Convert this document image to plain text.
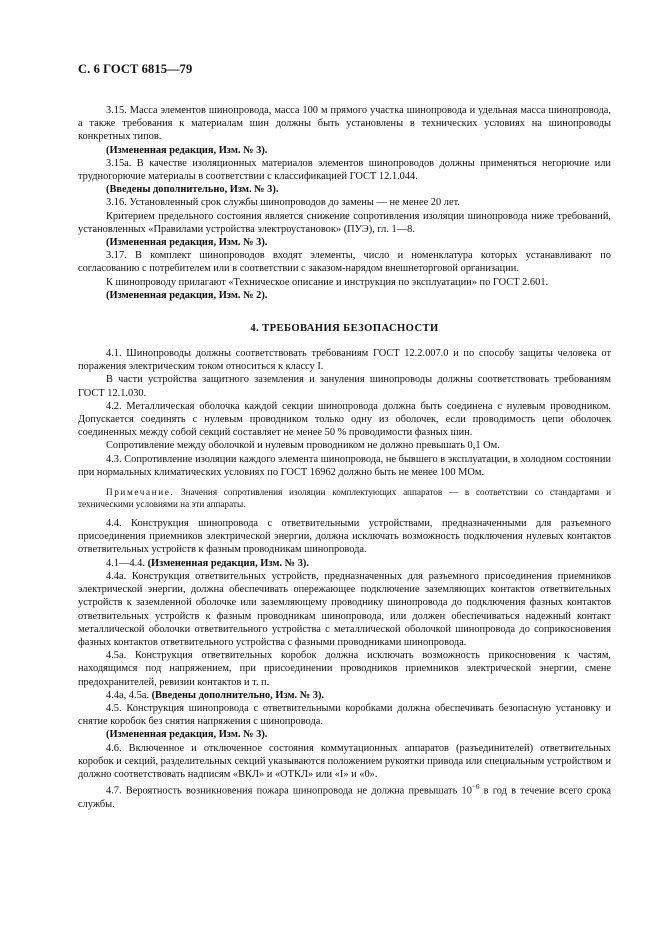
С. 6 ГОСТ 6815—79

3.15. Масса элементов шинопровода, масса 100 м прямого участка шинопровода и удельная масса шинопровода, а также требования к материалам шин должны быть установлены в технических условиях на шинопроводы конкретных типов.

(Измененная редакция, Изм. № 3).

3.15а. В качестве изоляционных материалов элементов шинопроводов должны применяться негорючие или трудногорючие материалы в соответствии с классификацией ГОСТ 12.1.044.

(Введены дополнительно, Изм. № 3).

3.16. Установленный срок службы шинопроводов до замены — не менее 20 лет.

Критерием предельного состояния является снижение сопротивления изоляции шинопровода ниже требований, установленных «Правилами устройства электроустановок» (ПУЭ), гл. 1—8.

(Измененная редакция, Изм. № 3).

3.17. В комплект шинопроводов входят элементы, число и номенклатура которых устанавливают по согласованию с потребителем или в соответствии с заказом-нарядом внешнеторговой организации.

К шинопроводу прилагают «Техническое описание и инструкция по эксплуатации» по ГОСТ 2.601.

(Измененная редакция, Изм. № 2).

4. ТРЕБОВАНИЯ БЕЗОПАСНОСТИ

4.1. Шинопроводы должны соответствовать требованиям ГОСТ 12.2.007.0 и по способу защиты человека от поражения электрическим током относиться к классу I.

В части устройства защитного заземления и зануления шинопроводы должны соответствовать требованиям ГОСТ 12.1.030.

4.2. Металлическая оболочка каждой секции шинопровода должна быть соединена с нулевым проводником. Допускается соединять с нулевым проводником только одну из оболочек, если проводимость цепи оболочек соединенных между собой секций составляет не менее 50 % проводимости фазных шин.

Сопротивление между оболочкой и нулевым проводником не должно превышать 0,1 Ом.

4.3. Сопротивление изоляции каждого элемента шинопровода, не бывшего в эксплуатации, в холодном состоянии при нормальных климатических условиях по ГОСТ 16962 должно быть не менее 100 МОм.

Примечание. Значения сопротивления изоляции комплектующих аппаратов — в соответствии со стандартами и техническими условиями на эти аппараты.

4.4. Конструкция шинопровода с ответвительными устройствами, предназначенными для разъемного присоединения приемников электрической энергии, должна исключать возможность подключения нулевых контактов ответвительных устройств к фазным проводникам шинопровода.

4.1—4.4. (Измененная редакция, Изм. № 3).

4.4а. Конструкция ответвительных устройств, предназначенных для разъемного присоединения приемников электрической энергии, должна обеспечивать опережающее подключение заземляющих контактов ответвительных устройств к заземленной оболочке или заземляющему проводнику шинопровода до подключения фазных контактов ответвительных устройств к фазным проводникам шинопровода, или должен обеспечиваться надежный контакт металлической оболочки ответвительного устройства с металлической оболочкой шинопровода до соприкосновения фазных контактов ответвительного устройства с фазными проводниками шинопровода.

4.5а. Конструкция ответвительных коробок должна исключать возможность прикосновения к частям, находящимся под напряжением, при присоединении проводников приемников электрической энергии, смене предохранителей, ревизии контактов и т. п.

4.4а, 4.5а. (Введены дополнительно, Изм. № 3).

4.5. Конструкция шинопровода с ответвительными коробками должна обеспечивать безопасную установку и снятие коробок без снятия напряжения с шинопровода.

(Измененная редакция, Изм. № 3).

4.6. Включенное и отключенное состояния коммутационных аппаратов (разъединителей) ответвительных коробок и секций, разделительных секций указываются положением рукоятки привода или специальным устройством и должно соответствовать надписям «ВКЛ» и «ОТКЛ» или «I» и «0».

4.7. Вероятность возникновения пожара шинопровода не должна превышать $10^{-6}$ в год в течение всего срока службы.
